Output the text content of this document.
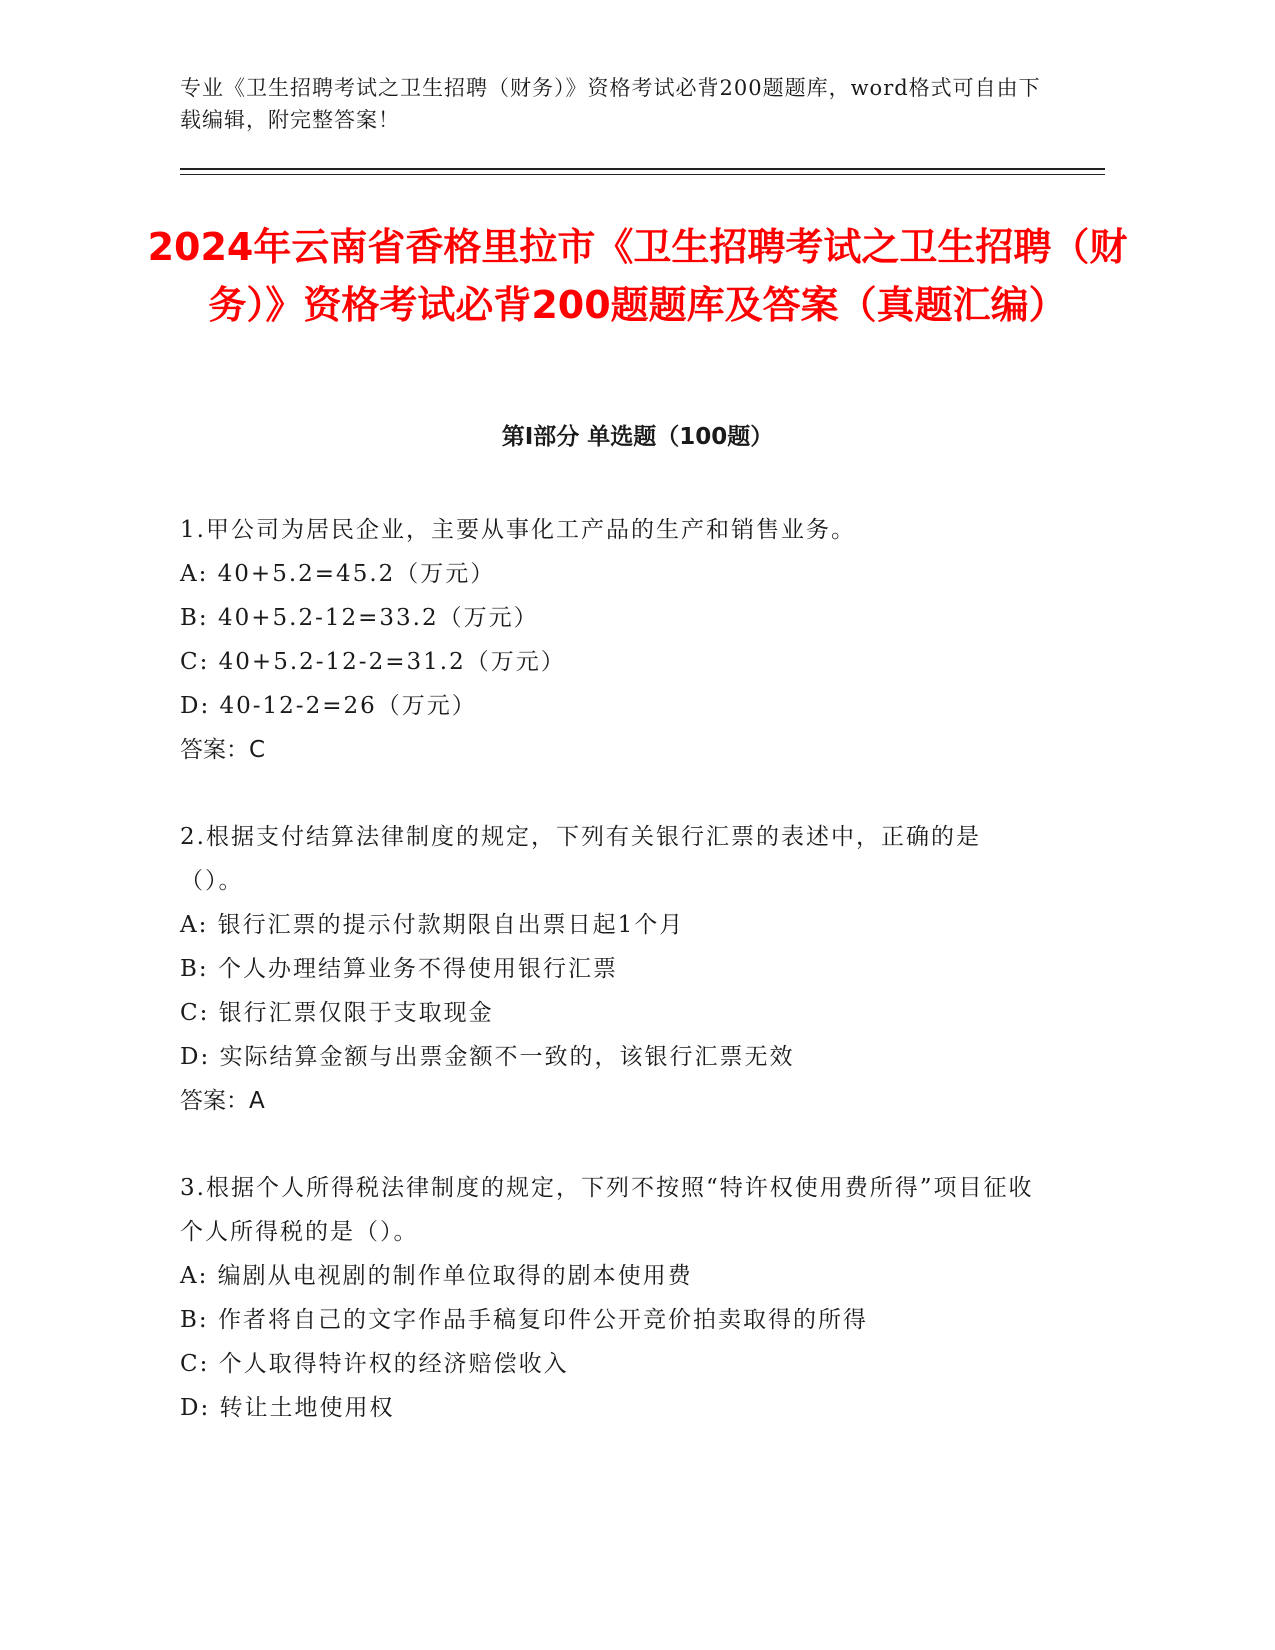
专业《卫生招聘考试之卫生招聘（财务）》资格考试必背200题题库，word格式可自由下载编辑，附完整答案！
2024年云南省香格里拉市《卫生招聘考试之卫生招聘（财务）》资格考试必背200题题库及答案（真题汇编）
第Ⅰ部分 单选题（100题）
1.甲公司为居民企业，主要从事化工产品的生产和销售业务。
A: 40+5.2=45.2（万元）
B: 40+5.2-12=33.2（万元）
C: 40+5.2-12-2=31.2（万元）
D: 40-12-2=26（万元）
答案：C
2.根据支付结算法律制度的规定，下列有关银行汇票的表述中，正确的是（）。
A: 银行汇票的提示付款期限自出票日起1个月
B: 个人办理结算业务不得使用银行汇票
C: 银行汇票仅限于支取现金
D: 实际结算金额与出票金额不一致的，该银行汇票无效
答案：A
3.根据个人所得税法律制度的规定，下列不按照“特许权使用费所得”项目征收个人所得税的是（）。
A: 编剧从电视剧的制作单位取得的剧本使用费
B: 作者将自己的文字作品手稿复印件公开竞价拍卖取得的所得
C: 个人取得特许权的经济赔偿收入
D: 转让土地使用权
